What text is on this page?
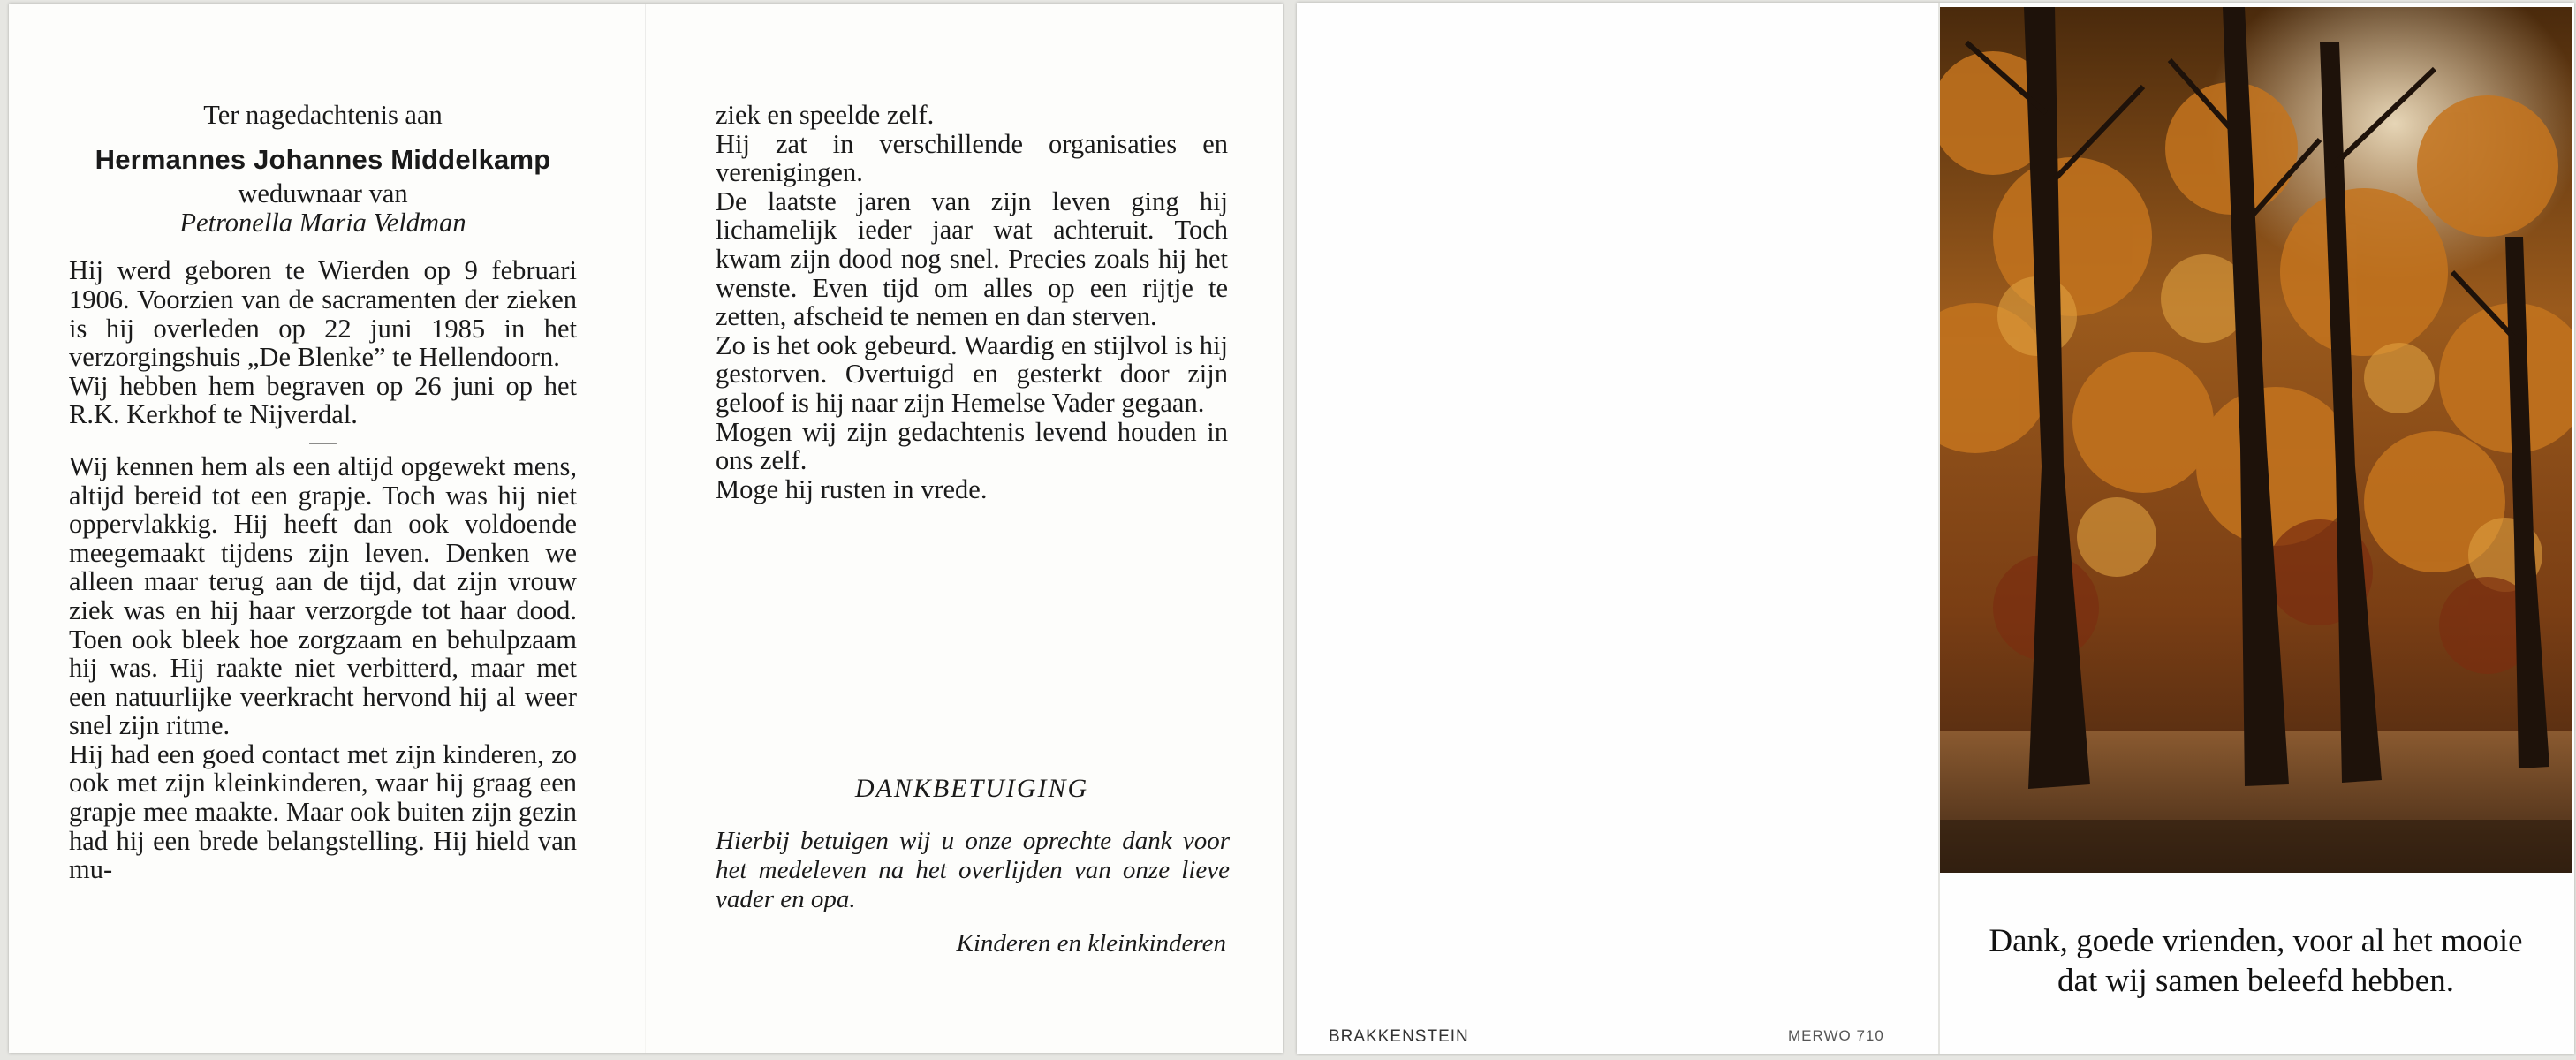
Ter nagedachtenis aan
Hermannes Johannes Middelkamp
weduwnaar van
Petronella Maria Veldman

Hij werd geboren te Wierden op 9 februari 1906. Voorzien van de sacramenten der zieken is hij overleden op 22 juni 1985 in het verzorgingshuis „De Blenke” te Hellendoorn.

Wij hebben hem begraven op 26 juni op het R.K. Kerkhof te Nijverdal.

—

Wij kennen hem als een altijd opgewekt mens, altijd bereid tot een grapje. Toch was hij niet oppervlakkig. Hij heeft dan ook voldoende meegemaakt tijdens zijn leven. Denken we alleen maar terug aan de tijd, dat zijn vrouw ziek was en hij haar verzorgde tot haar dood. Toen ook bleek hoe zorgzaam en behulpzaam hij was. Hij raakte niet verbitterd, maar met een natuurlijke veerkracht hervond hij al weer snel zijn ritme.

Hij had een goed contact met zijn kinderen, zo ook met zijn kleinkinderen, waar hij graag een grapje mee maakte. Maar ook buiten zijn gezin had hij een brede belangstelling. Hij hield van mu-

ziek en speelde zelf.

Hij zat in verschillende organisaties en verenigingen.

De laatste jaren van zijn leven ging hij lichamelijk ieder jaar wat achteruit. Toch kwam zijn dood nog snel. Precies zoals hij het wenste. Even tijd om alles op een rijtje te zetten, afscheid te nemen en dan sterven.

Zo is het ook gebeurd. Waardig en stijlvol is hij gestorven. Overtuigd en gesterkt door zijn geloof is hij naar zijn Hemelse Vader gegaan.

Mogen wij zijn gedachtenis levend houden in ons zelf.

Moge hij rusten in vrede.

DANKBETUIGING
Hierbij betuigen wij u onze oprechte dank voor het medeleven na het overlijden van onze lieve vader en opa.
Kinderen en kleinkinderen
BRAKKENSTEIN	MERWO 710
Dank, goede vrienden, voor al het mooie
dat wij samen beleefd hebben.
